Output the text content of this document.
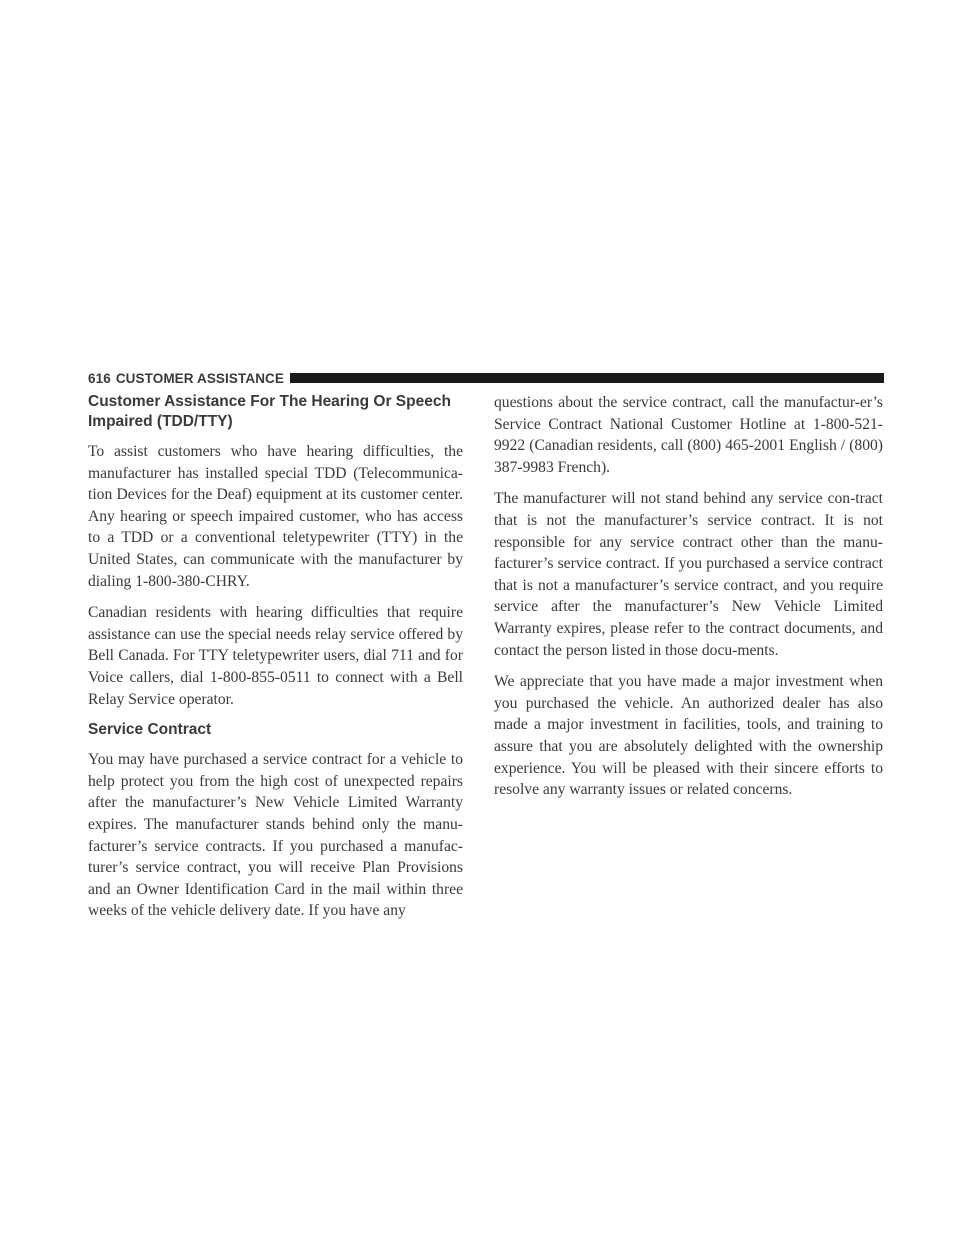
616 CUSTOMER ASSISTANCE
Customer Assistance For The Hearing Or Speech Impaired (TDD/TTY)

To assist customers who have hearing difficulties, the manufacturer has installed special TDD (Telecommunica-tion Devices for the Deaf) equipment at its customer center. Any hearing or speech impaired customer, who has access to a TDD or a conventional teletypewriter (TTY) in the United States, can communicate with the manufacturer by dialing 1-800-380-CHRY.

Canadian residents with hearing difficulties that require assistance can use the special needs relay service offered by Bell Canada. For TTY teletypewriter users, dial 711 and for Voice callers, dial 1-800-855-0511 to connect with a Bell Relay Service operator.

Service Contract

You may have purchased a service contract for a vehicle to help protect you from the high cost of unexpected repairs after the manufacturer’s New Vehicle Limited Warranty expires. The manufacturer stands behind only the manu-facturer’s service contracts. If you purchased a manufac-turer’s service contract, you will receive Plan Provisions and an Owner Identification Card in the mail within three weeks of the vehicle delivery date. If you have any

questions about the service contract, call the manufactur-er’s Service Contract National Customer Hotline at 1-800-521-9922 (Canadian residents, call (800) 465-2001 English / (800) 387-9983 French).

The manufacturer will not stand behind any service con-tract that is not the manufacturer’s service contract. It is not responsible for any service contract other than the manu-facturer’s service contract. If you purchased a service contract that is not a manufacturer’s service contract, and you require service after the manufacturer’s New Vehicle Limited Warranty expires, please refer to the contract documents, and contact the person listed in those docu-ments.

We appreciate that you have made a major investment when you purchased the vehicle. An authorized dealer has also made a major investment in facilities, tools, and training to assure that you are absolutely delighted with the ownership experience. You will be pleased with their sincere efforts to resolve any warranty issues or related concerns.
